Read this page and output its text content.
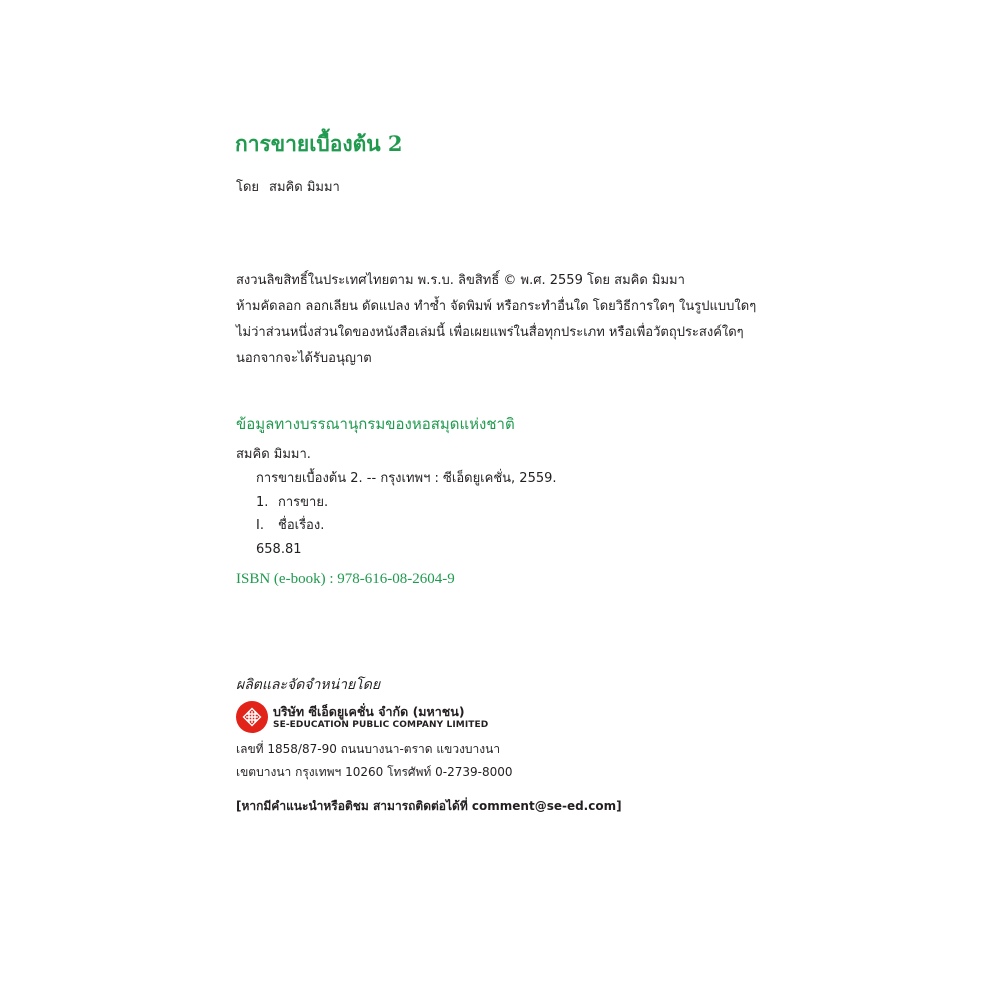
การขายเบื้องต้น 2
โดย สมคิด มิมมา
สงวนลิขสิทธิ์ในประเทศไทยตาม พ.ร.บ. ลิขสิทธิ์ © พ.ศ. 2559 โดย สมคิด มิมมา
ห้ามคัดลอก ลอกเลียน ดัดแปลง ทำซ้ำ จัดพิมพ์ หรือกระทำอื่นใด โดยวิธีการใดๆ ในรูปแบบใดๆ
ไม่ว่าส่วนหนึ่งส่วนใดของหนังสือเล่มนี้ เพื่อเผยแพร่ในสื่อทุกประเภท หรือเพื่อวัตถุประสงค์ใดๆ
นอกจากจะได้รับอนุญาต
ข้อมูลทางบรรณานุกรมของหอสมุดแห่งชาติ
สมคิด มิมมา.
การขายเบื้องต้น 2. -- กรุงเทพฯ : ซีเอ็ดยูเคชั่น, 2559.
1. การขาย.
I. ชื่อเรื่อง.
658.81
ISBN (e-book) : 978-616-08-2604-9
ผลิตและจัดจำหน่ายโดย
บริษัท ซีเอ็ดยูเคชั่น จำกัด (มหาชน)
SE-EDUCATION PUBLIC COMPANY LIMITED
เลขที่ 1858/87-90 ถนนบางนา-ตราด แขวงบางนา
เขตบางนา กรุงเทพฯ 10260 โทรศัพท์ 0-2739-8000
[หากมีคำแนะนำหรือติชม สามารถติดต่อได้ที่ comment@se-ed.com]
